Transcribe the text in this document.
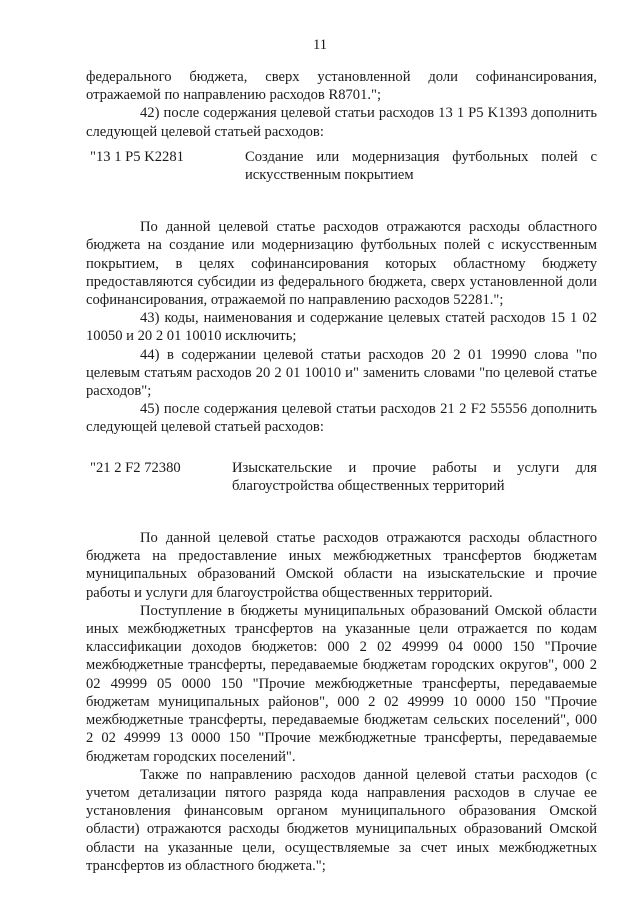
11

федерального бюджета, сверх установленной доли софинансирования, отражаемой по направлению расходов R8701.";

42) после содержания целевой статьи расходов 13 1 P5 K1393 дополнить следующей целевой статьей расходов:

"13 1 P5 K2281	Создание или модернизация футбольных полей с искусственным покрытием

По данной целевой статье расходов отражаются расходы областного бюджета на создание или модернизацию футбольных полей с искусственным покрытием, в целях софинансирования которых областному бюджету предоставляются субсидии из федерального бюджета, сверх установленной доли софинансирования, отражаемой по направлению расходов 52281.";

43) коды, наименования и содержание целевых статей расходов 15 1 02 10050 и 20 2 01 10010 исключить;

44) в содержании целевой статьи расходов 20 2 01 19990 слова "по целевым статьям расходов 20 2 01 10010 и" заменить словами "по целевой статье расходов";

45) после содержания целевой статьи расходов 21 2 F2 55556 дополнить следующей целевой статьей расходов:

"21 2 F2 72380	Изыскательские и прочие работы и услуги для благоустройства общественных территорий

По данной целевой статье расходов отражаются расходы областного бюджета на предоставление иных межбюджетных трансфертов бюджетам муниципальных образований Омской области на изыскательские и прочие работы и услуги для благоустройства общественных территорий.

Поступление в бюджеты муниципальных образований Омской области иных межбюджетных трансфертов на указанные цели отражается по кодам классификации доходов бюджетов: 000 2 02 49999 04 0000 150 "Прочие межбюджетные трансферты, передаваемые бюджетам городских округов", 000 2 02 49999 05 0000 150 "Прочие межбюджетные трансферты, передаваемые бюджетам муниципальных районов", 000 2 02 49999 10 0000 150 "Прочие межбюджетные трансферты, передаваемые бюджетам сельских поселений", 000 2 02 49999 13 0000 150 "Прочие межбюджетные трансферты, передаваемые бюджетам городских поселений".

Также по направлению расходов данной целевой статьи расходов (с учетом детализации пятого разряда кода направления расходов в случае ее установления финансовым органом муниципального образования Омской области) отражаются расходы бюджетов муниципальных образований Омской области на указанные цели, осуществляемые за счет иных межбюджетных трансфертов из областного бюджета.";
